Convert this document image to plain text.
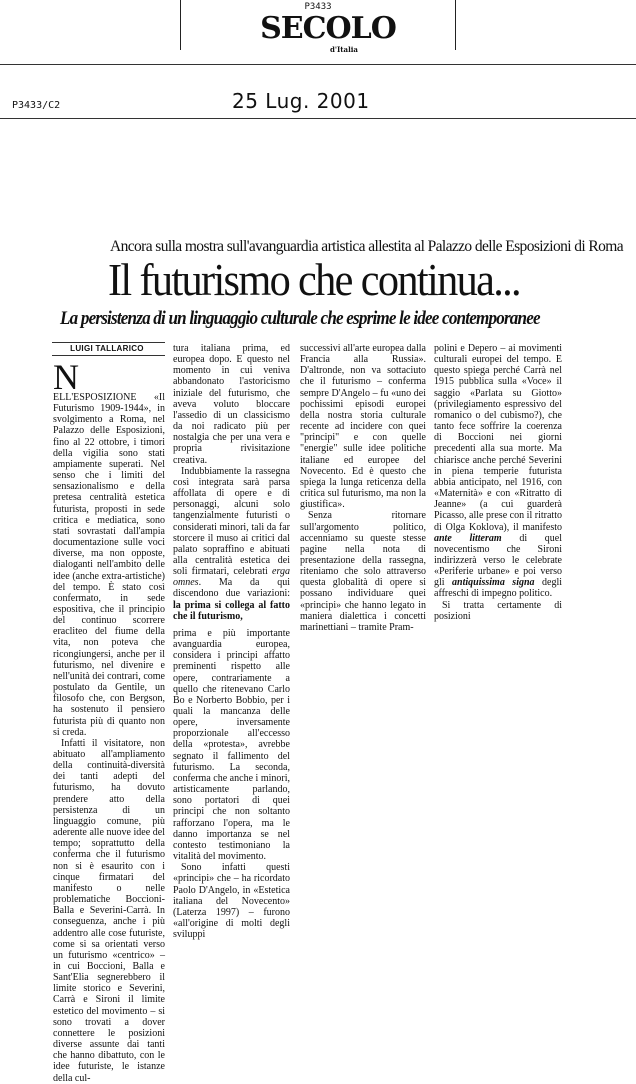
P3433
SECOLO
d'Italia
P3433/C2	25 Lug. 2001
Ancora sulla mostra sull'avanguardia artistica allestita al Palazzo delle Esposizioni di Roma
Il futurismo che continua...
La persistenza di un linguaggio culturale che esprime le idee contemporanee
LUIGI TALLARICO

N
ELL'ESPOSIZIONE «Il Futurismo 1909-1944», in svolgimento a Roma, nel Palazzo delle Esposizioni, fino al 22 ottobre, i timori della vigilia sono stati ampiamente superati. Nel senso che i limiti del sensazionalismo e della pretesa centralità estetica futurista, proposti in sede critica e mediatica, sono stati sovrastati dall'ampia documentazione sulle voci diverse, ma non opposte, dialoganti nell'ambito delle idee (anche extra-artistiche) del tempo. È stato così confermato, in sede espositiva, che il principio del continuo scorrere eracliteo del fiume della vita, non poteva che ricongiungersi, anche per il futurismo, nel divenire e nell'unità dei contrari, come postulato da Gentile, un filosofo che, con Bergson, ha sostenuto il pensiero futurista più di quanto non si creda.

Infatti il visitatore, non abituato all'ampliamento della continuità-diversità dei tanti adepti del futurismo, ha dovuto prendere atto della persistenza di un linguaggio comune, più aderente alle nuove idee del tempo; soprattutto della conferma che il futurismo non si è esaurito con i cinque firmatari del manifesto o nelle problematiche Boccioni-Balla e Severini-Carrà. In conseguenza, anche i più addentro alle cose futuriste, come si sa orientati verso un futurismo «centrico» – in cui Boccioni, Balla e Sant'Elia segnerebbero il limite storico e Severini, Carrà e Sironi il limite estetico del movimento – si sono trovati a dover connettere le posizioni diverse assunte dai tanti che hanno dibattuto, con le idee futuriste, le istanze della cul-

tura italiana prima, ed europea dopo. E questo nel momento in cui veniva abbandonato l'astoricismo iniziale del futurismo, che aveva voluto bloccare l'assedio di un classicismo da noi radicato più per nostalgia che per una vera e propria rivisitazione creativa.

Indubbiamente la rassegna così integrata sarà parsa affollata di opere e di personaggi, alcuni solo tangenzialmente futuristi o considerati minori, tali da far storcere il muso ai critici dal palato sopraffino e abituati alla centralità estetica dei soli firmatari, celebrati erga omnes. Ma da qui discendono due variazioni: la prima si collega al fatto che il futurismo,

prima e più importante avanguardia europea, considera i principi affatto preminenti rispetto alle opere, contrariamente a quello che ritenevano Carlo Bo e Norberto Bobbio, per i quali la mancanza delle opere, inversamente proporzionale all'eccesso della «protesta», avrebbe segnato il fallimento del futurismo. La seconda, conferma che anche i minori, artisticamente parlando, sono portatori di quei principi che non soltanto rafforzano l'opera, ma le danno importanza se nel contesto testimoniano la vitalità del movimento.

Sono infatti questi «principi» che – ha ricordato Paolo D'Angelo, in «Estetica italiana del Novecento» (Laterza 1997) – furono «all'origine di molti degli sviluppi

successivi all'arte europea dalla Francia alla Russia». D'altronde, non va sottaciuto che il futurismo – conferma sempre D'Angelo – fu «uno dei pochissimi episodi europei della nostra storia culturale recente ad incidere con quei "principi" e con quelle "energie" sulle idee politiche italiane ed europee del Novecento. Ed è questo che spiega la lunga reticenza della critica sul futurismo, ma non la giustifica».

Senza ritornare sull'argomento politico, accenniamo su queste stesse pagine nella nota di presentazione della rassegna, riteniamo che solo attraverso questa globalità di opere si possano individuare quei «principi» che hanno legato in maniera dialettica i concetti marinettiani – tramite Pram-

polini e Depero – ai movimenti culturali europei del tempo. E questo spiega perché Carrà nel 1915 pubblica sulla «Voce» il saggio «Parlata su Giotto» (privilegiamento espressivo del romanico o del cubismo?), che tanto fece soffrire la coerenza di Boccioni nei giorni precedenti alla sua morte. Ma chiarisce anche perché Severini in piena temperie futurista abbia anticipato, nel 1916, con «Maternità» e con «Ritratto di Jeanne» (a cui guarderà Picasso, alle prese con il ritratto di Olga Koklova), il manifesto ante litteram di quel novecentismo che Sironi indirizzerà verso le celebrate «Periferie urbane» e poi verso gli antiquissima signa degli affreschi di impegno politico.

Si tratta certamente di posizioni
